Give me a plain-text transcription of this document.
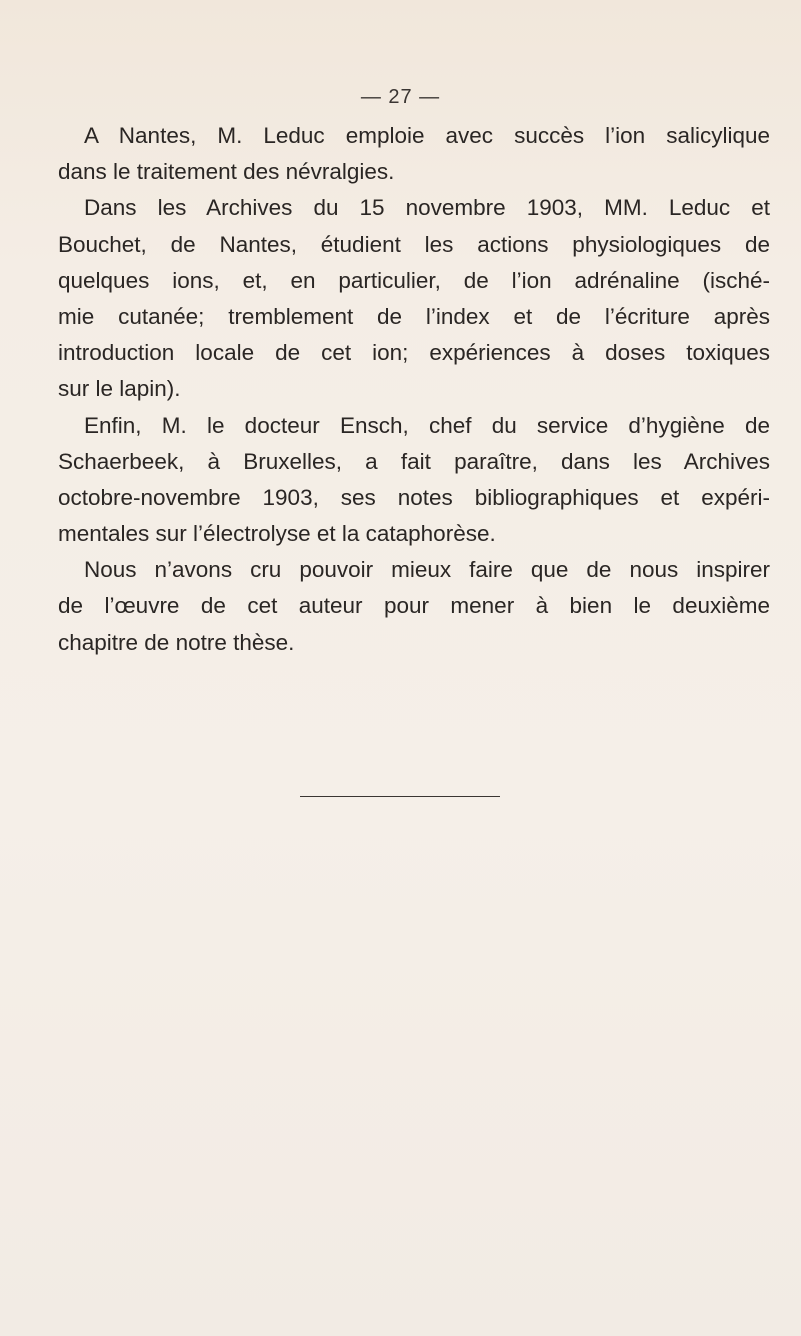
— 27 —
A Nantes, M. Leduc emploie avec succès l’ion salicylique
dans le traitement des névralgies.
Dans les Archives du 15 novembre 1903, MM. Leduc et
Bouchet, de Nantes, étudient les actions physiologiques de
quelques ions, et, en particulier, de l’ion adrénaline (isché-
mie cutanée; tremblement de l’index et de l’écriture après
introduction locale de cet ion; expériences à doses toxiques
sur le lapin).
Enfin, M. le docteur Ensch, chef du service d’hygiène de
Schaerbeek, à Bruxelles, a fait paraître, dans les Archives
octobre-novembre 1903, ses notes bibliographiques et expéri-
mentales sur l’électrolyse et la cataphorèse.
Nous n’avons cru pouvoir mieux faire que de nous inspirer
de l’œuvre de cet auteur pour mener à bien le deuxième
chapitre de notre thèse.
